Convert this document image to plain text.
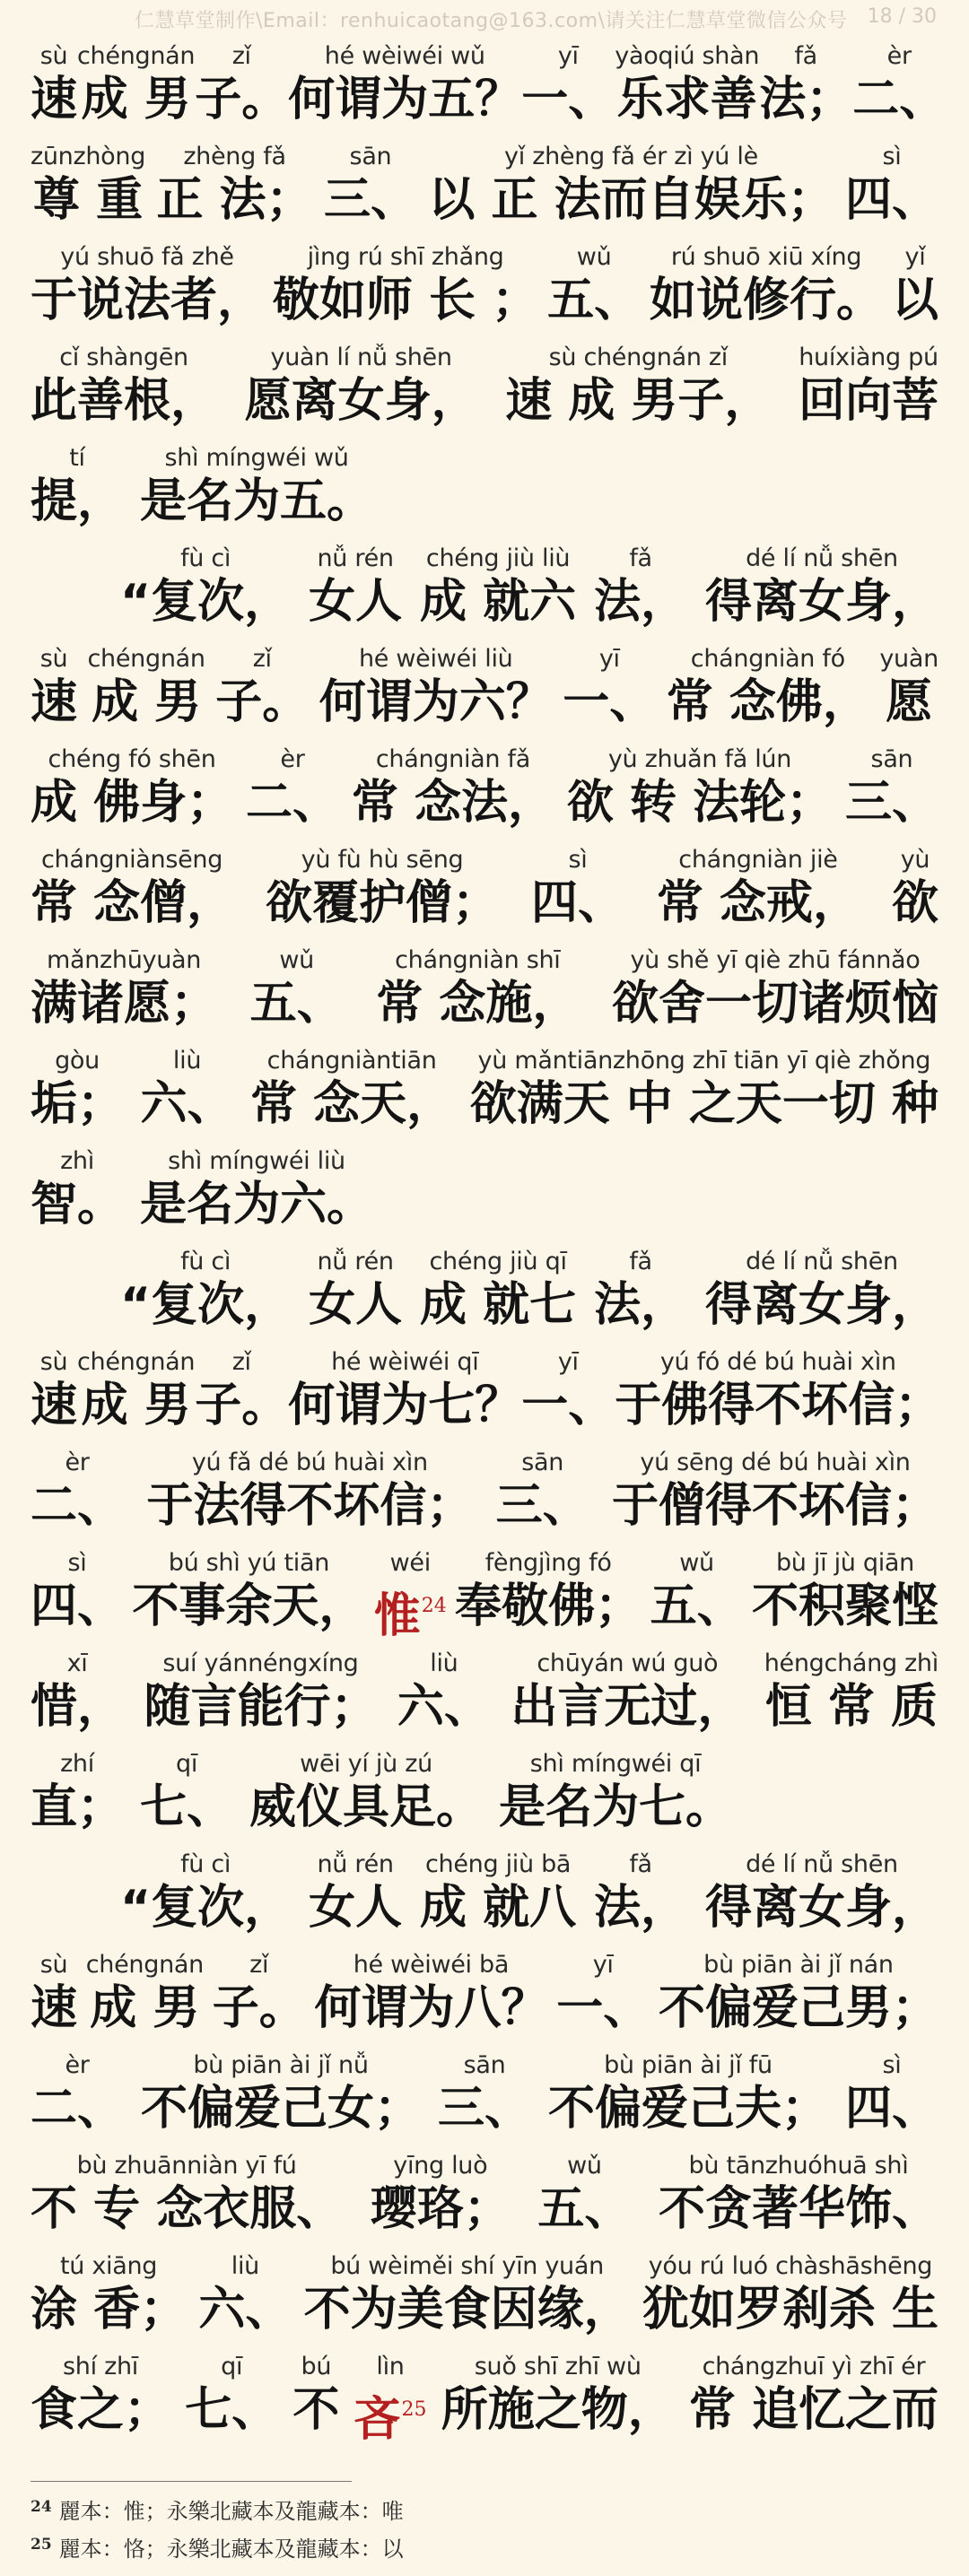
仁慧草堂制作\Email：renhuicaotang@163.com\请关注仁慧草堂微信公众号 18 / 30
sù
速
chéngnán
成 男
zǐ
子。
hé wèiwéi wǔ
何谓为五？
yī
一、
yàoqiú shàn
乐求善
fǎ
法；
èr
二、
zūnzhòng
尊 重
zhèng fǎ
正 法；
sān
三、
yǐ zhèng fǎ ér zì yú lè
以 正 法而自娱乐；
sì
四、
yú shuō fǎ zhě
于说法者，
jìng rú shī zhǎng
敬如师 长 ；
wǔ
五、
rú shuō xiū xíng
如说修行。
yǐ
以
cǐ shàngēn
此善根，
yuàn lí nǚ shēn
愿离女身，
sù chéngnán zǐ
速 成 男子，
huíxiàng pú
回向菩
tí
提，
shì míngwéi wǔ
是名为五。
fù cì
“复次，
nǚ rén
女人
chéng jiù liù
成 就六
fǎ
法，
dé lí nǚ shēn
得离女身，
sù
速
chéngnán
成 男
zǐ
子。
hé wèiwéi liù
何谓为六？
yī
一、
chángniàn fó
常 念佛，
yuàn
愿
chéng fó shēn
成 佛身；
èr
二、
chángniàn fǎ
常 念法，
yù zhuǎn fǎ lún
欲 转 法轮；
sān
三、
chángniànsēng
常 念僧，
yù fù hù sēng
欲覆护僧；
sì
四、
chángniàn jiè
常 念戒，
yù
欲
mǎnzhūyuàn
满诸愿；
wǔ
五、
chángniàn shī
常 念施，
yù shě yī qiè zhū fánnǎo
欲舍一切诸烦恼
gòu
垢；
liù
六、
chángniàntiān
常 念天，
yù mǎntiānzhōng zhī tiān yī qiè zhǒng
欲满天 中 之天一切 种
zhì
智。
shì míngwéi liù
是名为六。
fù cì
“复次，
nǚ rén
女人
chéng jiù qī
成 就七
fǎ
法，
dé lí nǚ shēn
得离女身，
sù
速
chéngnán
成 男
zǐ
子。
hé wèiwéi qī
何谓为七？
yī
一、
yú fó dé bú huài xìn
于佛得不坏信；
èr
二、
yú fǎ dé bú huài xìn
于法得不坏信；
sān
三、
yú sēng dé bú huài xìn
于僧得不坏信；
sì
四、
bú shì yú tiān
不事余天，
wéi
惟$^{24}$
fèngjìng fó
奉敬佛；
wǔ
五、
bù jī jù qiān
不积聚悭
xī
惜，
suí yánnéngxíng
随言能行；
liù
六、
chūyán wú guò
出言无过，
héngcháng zhì
恒 常 质
zhí
直；
qī
七、
wēi yí jù zú
威仪具足。
shì míngwéi qī
是名为七。
fù cì
“复次，
nǚ rén
女人
chéng jiù bā
成 就八
fǎ
法，
dé lí nǚ shēn
得离女身，
sù
速
chéngnán
成 男
zǐ
子。
hé wèiwéi bā
何谓为八？
yī
一、
bù piān ài jǐ nán
不偏爱己男；
èr
二、
bù piān ài jǐ nǚ
不偏爱己女；
sān
三、
bù piān ài jǐ fū
不偏爱己夫；
sì
四、
bù zhuānniàn yī fú
不 专 念衣服、
yīng luò
璎珞；
wǔ
五、
bù tānzhuóhuā shì
不贪著华饰、
tú xiāng
涂 香；
liù
六、
bú wèiměi shí yīn yuán
不为美食因缘，
yóu rú luó chàshāshēng
犹如罗刹杀 生
shí zhī
食之；
qī
七、
bú
不
lìn
吝$^{25}$
suǒ shī zhī wù
所施之物，
chángzhuī yì zhī ér
常 追忆之而
$^{24}$ 麗本：惟；永樂北藏本及龍藏本：唯
$^{25}$ 麗本：恪；永樂北藏本及龍藏本：以
